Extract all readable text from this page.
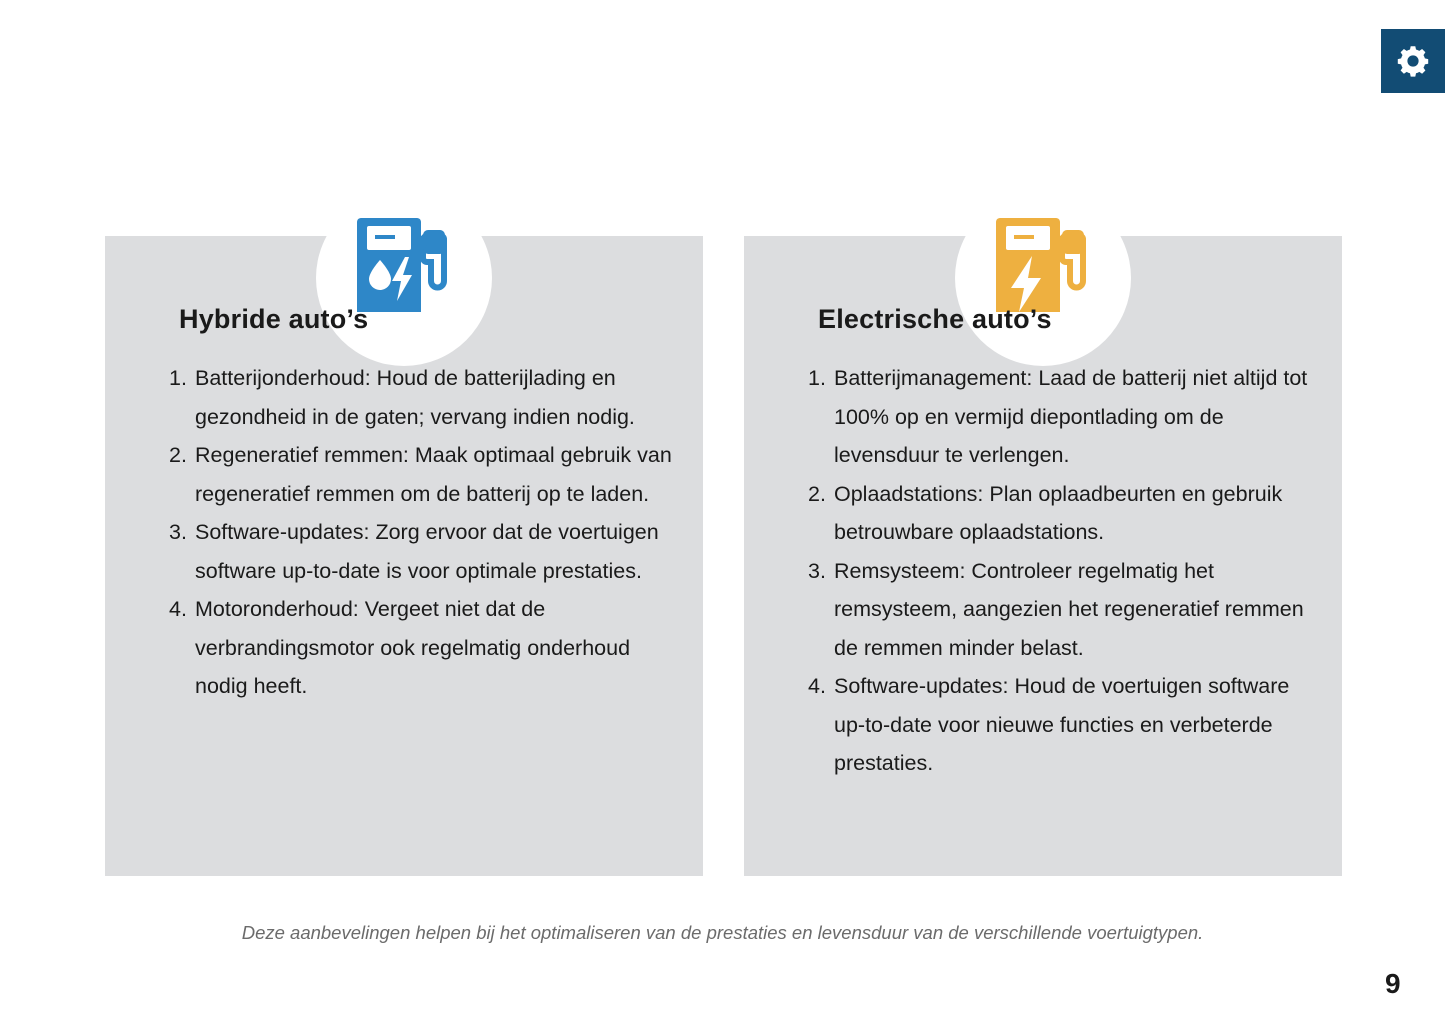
Hybride auto’s
Batterijonderhoud: Houd de batterijlading en gezondheid in de gaten; vervang indien nodig.
Regeneratief remmen: Maak optimaal gebruik van regeneratief remmen om de batterij op te laden.
Software-updates: Zorg ervoor dat de voertuigen software up-to-date is voor optimale prestaties.
Motoronderhoud: Vergeet niet dat de verbrandingsmotor ook regelmatig onderhoud nodig heeft.
Electrische auto’s
Batterijmanagement: Laad de batterij niet altijd tot 100% op en vermijd diepontlading om de levensduur te verlengen.
Oplaadstations: Plan oplaadbeurten en gebruik betrouwbare oplaadstations.
Remsysteem: Controleer regelmatig het remsysteem, aangezien het regeneratief remmen de remmen minder belast.
Software-updates: Houd de voertuigen software up-to-date voor nieuwe functies en verbeterde prestaties.
Deze aanbevelingen helpen bij het optimaliseren van de prestaties en levensduur van de verschillende voertuigtypen.
9
